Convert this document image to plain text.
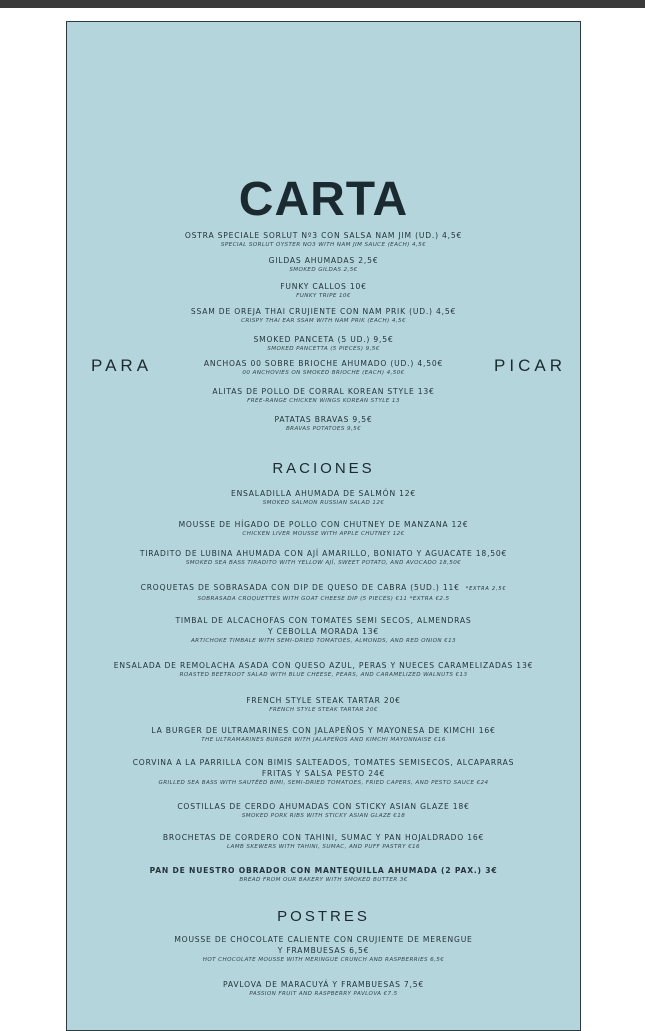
CARTA
PARA	PICAR
OSTRA SPECIALE SORLUT Nº3 CON SALSA NAM JIM (UD.) 4,5€
SPECIAL SORLUT OYSTER NO3 WITH NAM JIM SAUCE (EACH) 4,5€
GILDAS AHUMADAS 2,5€
SMOKED GILDAS 2,5€
FUNKY CALLOS 10€
FUNKY TRIPE 10€
SSAM DE OREJA THAI CRUJIENTE CON NAM PRIK (UD.) 4,5€
CRISPY THAI EAR SSAM WITH NAM PRIK (EACH) 4,5€
SMOKED PANCETA (5 UD.) 9,5€
SMOKED PANCETTA (5 PIECES) 9,5€
ANCHOAS 00 SOBRE BRIOCHE AHUMADO (UD.) 4,50€
00 ANCHOVIES ON SMOKED BRIOCHE (EACH) 4,50€
ALITAS DE POLLO DE CORRAL KOREAN STYLE 13€
FREE-RANGE CHICKEN WINGS KOREAN STYLE 13
PATATAS BRAVAS 9,5€
BRAVAS POTATOES 9,5€
RACIONES
ENSALADILLA AHUMADA DE SALMÓN 12€
SMOKED SALMON RUSSIAN SALAD 12€
MOUSSE DE HÍGADO DE POLLO CON CHUTNEY DE MANZANA 12€
CHICKEN LIVER MOUSSE WITH APPLE CHUTNEY 12€
TIRADITO DE LUBINA AHUMADA CON AJÍ AMARILLO, BONIATO Y AGUACATE 18,50€
SMOKED SEA BASS TIRADITO WITH YELLOW AJÍ, SWEET POTATO, AND AVOCADO 18,50€
CROQUETAS DE SOBRASADA CON DIP DE QUESO DE CABRA (5UD.) 11€ *EXTRA 2,5€
SOBRASADA CROQUETTES WITH GOAT CHEESE DIP (5 PIECES) €11 *EXTRA €2.5
TIMBAL DE ALCACHOFAS CON TOMATES SEMI SECOS, ALMENDRAS
Y CEBOLLA MORADA 13€
ARTICHOKE TIMBALE WITH SEMI-DRIED TOMATOES, ALMONDS, AND RED ONION €13
ENSALADA DE REMOLACHA ASADA CON QUESO AZUL, PERAS Y NUECES CARAMELIZADAS 13€
ROASTED BEETROOT SALAD WITH BLUE CHEESE, PEARS, AND CARAMELIZED WALNUTS €13
FRENCH STYLE STEAK TARTAR 20€
FRENCH STYLE STEAK TARTAR 20€
LA BURGER DE ULTRAMARINES CON JALAPEÑOS Y MAYONESA DE KIMCHI 16€
THE ULTRAMARINES BURGER WITH JALAPEÑOS AND KIMCHI MAYONNAISE €16
CORVINA A LA PARRILLA CON BIMIS SALTEADOS, TOMATES SEMISECOS, ALCAPARRAS
FRITAS Y SALSA PESTO 24€
GRILLED SEA BASS WITH SAUTÉED BIMI, SEMI-DRIED TOMATOES, FRIED CAPERS, AND PESTO SAUCE €24
COSTILLAS DE CERDO AHUMADAS CON STICKY ASIAN GLAZE 18€
SMOKED PORK RIBS WITH STICKY ASIAN GLAZE €18
BROCHETAS DE CORDERO CON TAHINI, SUMAC Y PAN HOJALDRADO 16€
LAMB SKEWERS WITH TAHINI, SUMAC, AND PUFF PASTRY €16
PAN DE NUESTRO OBRADOR CON MANTEQUILLA AHUMADA (2 PAX.) 3€
BREAD FROM OUR BAKERY WITH SMOKED BUTTER 3€
POSTRES
MOUSSE DE CHOCOLATE CALIENTE CON CRUJIENTE DE MERENGUE
Y FRAMBUESAS 6,5€
HOT CHOCOLATE MOUSSE WITH MERINGUE CRUNCH AND RASPBERRIES 6,5€
PAVLOVA DE MARACUYÁ Y FRAMBUESAS 7,5€
PASSION FRUIT AND RASPBERRY PAVLOVA €7.5
